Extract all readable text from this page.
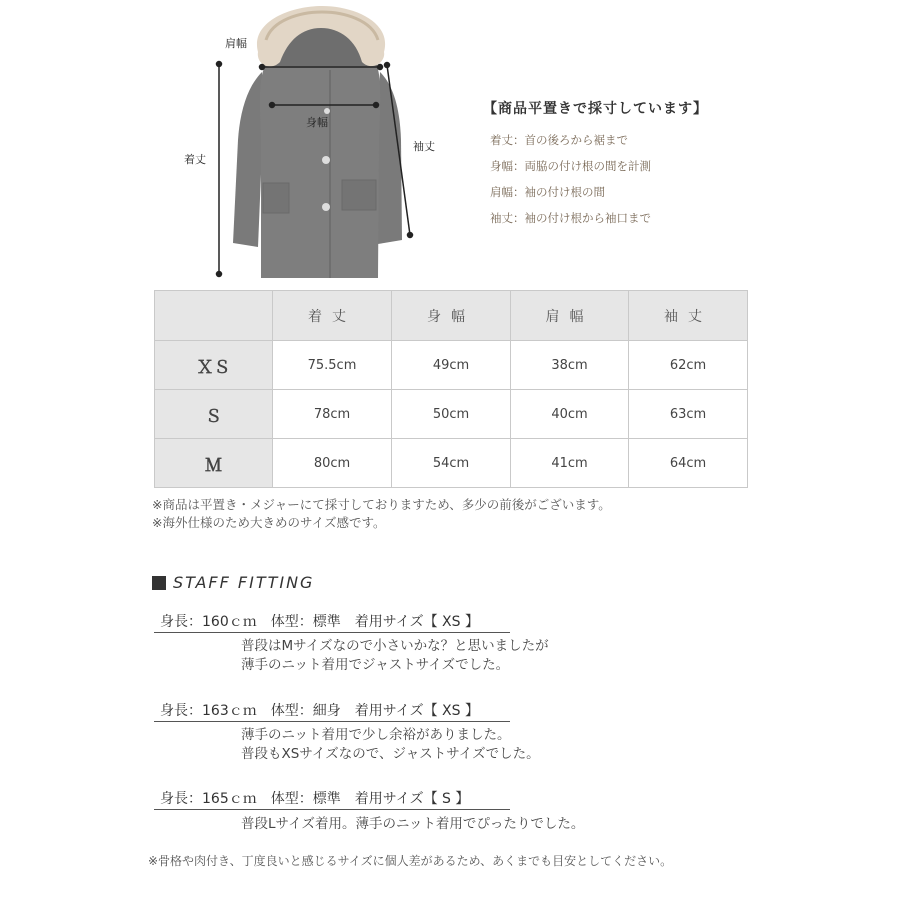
肩幅
身幅
着丈
袖丈
【商品平置きで採寸しています】
着丈：首の後ろから裾まで
身幅：両脇の付け根の間を計測
肩幅：袖の付け根の間
袖丈：袖の付け根から袖口まで
	着丈	身幅	肩幅	袖丈
ＸＳ	75.5cm	49cm	38cm	62cm
Ｓ	78cm	50cm	40cm	63cm
Ｍ	80cm	54cm	41cm	64cm
※商品は平置き・メジャーにて採寸しておりますため、多少の前後がございます。
※海外仕様のため大きめのサイズ感です。
STAFF FITTING
身長：160ｃｍ　体型：標準　着用サイズ【 XS 】
普段はMサイズなので小さいかな？と思いましたが
薄手のニット着用でジャストサイズでした。
身長：163ｃｍ　体型：細身　着用サイズ【 XS 】
薄手のニット着用で少し余裕がありました。
普段もXSサイズなので、ジャストサイズでした。
身長：165ｃｍ　体型：標準　着用サイズ【 S 】
普段Lサイズ着用。薄手のニット着用でぴったりでした。
※骨格や肉付き、丁度良いと感じるサイズに個人差があるため、あくまでも目安としてください。
